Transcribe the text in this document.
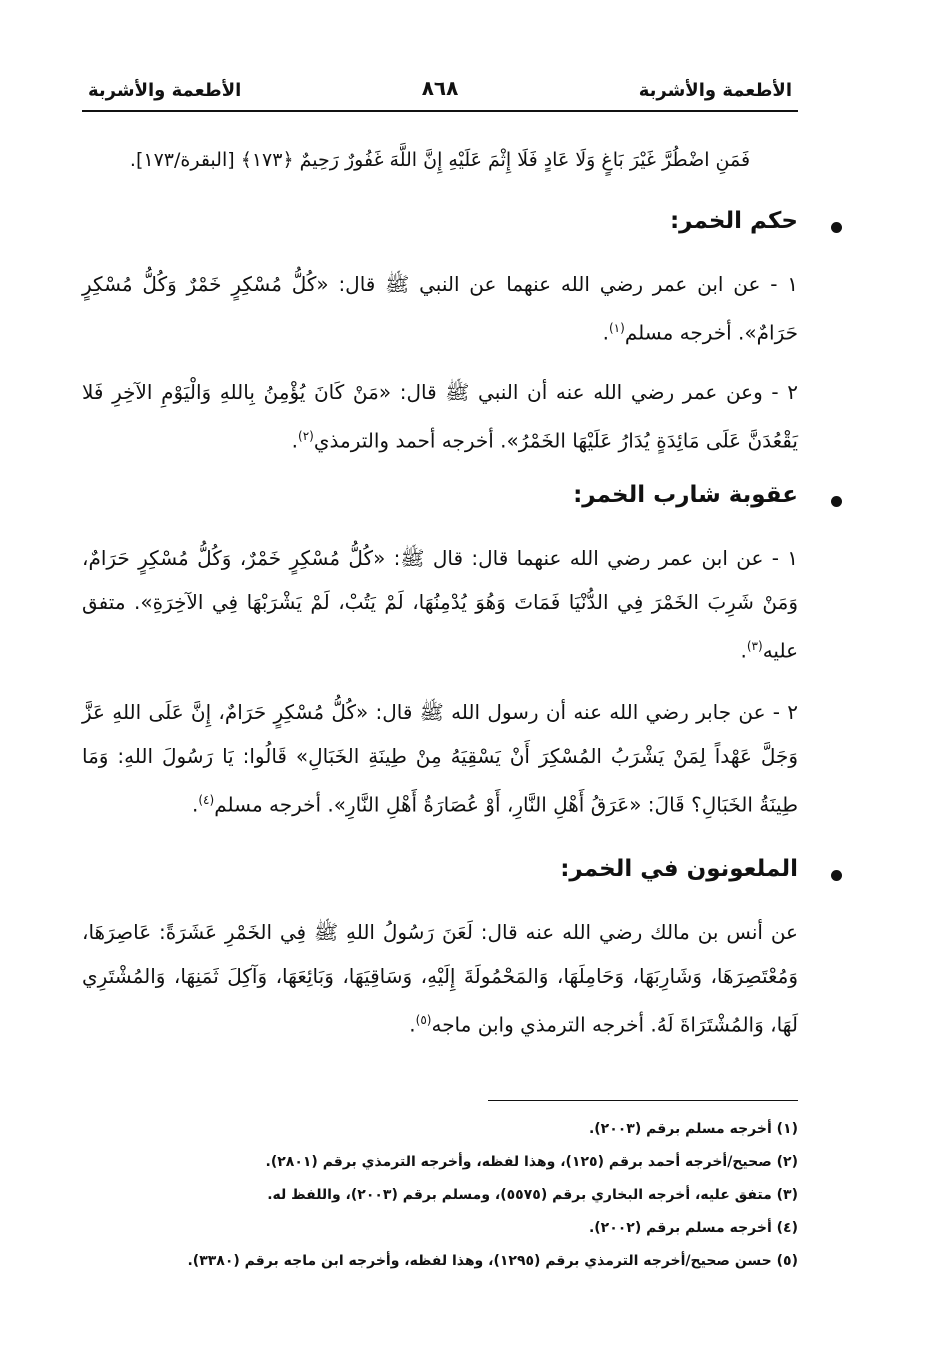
الأطعمة والأشربة
٨٦٨
الأطعمة والأشربة
فَمَنِ اضْطُرَّ غَيْرَ بَاغٍ وَلَا عَادٍ فَلَا إِثْمَ عَلَيْهِ إِنَّ اللَّهَ غَفُورٌ رَحِيمٌ ﴿١٧٣﴾ [البقرة/١٧٣].
حكم الخمر:
١ - عن ابن عمر رضي الله عنهما عن النبي ﷺ قال: «كُلُّ مُسْكِرٍ خَمْرٌ وَكُلُّ مُسْكِرٍ حَرَامٌ». أخرجه مسلم$^{(١)}$.
٢ - وعن عمر رضي الله عنه أن النبي ﷺ قال: «مَنْ كَانَ يُؤْمِنُ بِاللهِ وَالْيَوْمِ الآخِرِ فَلا يَقْعُدَنَّ عَلَى مَائِدَةٍ يُدَارُ عَلَيْهَا الخَمْرُ». أخرجه أحمد والترمذي$^{(٢)}$.
عقوبة شارب الخمر:
١ - عن ابن عمر رضي الله عنهما قال: قال ﷺ: «كُلُّ مُسْكِرٍ خَمْرٌ، وَكُلُّ مُسْكِرٍ حَرَامٌ، وَمَنْ شَرِبَ الخَمْرَ فِي الدُّنْيَا فَمَاتَ وَهُوَ يُدْمِنُهَا، لَمْ يَتُبْ، لَمْ يَشْرَبْهَا فِي الآخِرَةِ». متفق عليه$^{(٣)}$.
٢ - عن جابر رضي الله عنه أن رسول الله ﷺ قال: «كُلُّ مُسْكِرٍ حَرَامٌ، إِنَّ عَلَى اللهِ عَزَّ وَجَلَّ عَهْداً لِمَنْ يَشْرَبُ المُسْكِرَ أَنْ يَسْقِيَهُ مِنْ طِينَةِ الخَبَالِ» قَالُوا: يَا رَسُولَ اللهِ: وَمَا طِينَةُ الخَبَالِ؟ قَالَ: «عَرَقُ أَهْلِ النَّارِ، أَوْ عُصَارَةُ أَهْلِ النَّارِ». أخرجه مسلم$^{(٤)}$.
الملعونون في الخمر:
عن أنس بن مالك رضي الله عنه قال: لَعَنَ رَسُولُ اللهِ ﷺ فِي الخَمْرِ عَشَرَةً: عَاصِرَهَا، وَمُعْتَصِرَهَا، وَشَارِبَهَا، وَحَامِلَهَا، وَالمَحْمُولَةَ إِلَيْهِ، وَسَاقِيَهَا، وَبَائِعَهَا، وَآكِلَ ثَمَنِهَا، وَالمُشْتَرِي لَهَا، وَالمُشْتَرَاةَ لَهُ. أخرجه الترمذي وابن ماجه$^{(٥)}$.
(١) أخرجه مسلم برقم (٢٠٠٣).
(٢) صحيح/أخرجه أحمد برقم (١٢٥)، وهذا لفظه، وأخرجه الترمذي برقم (٢٨٠١).
(٣) متفق عليه، أخرجه البخاري برقم (٥٥٧٥)، ومسلم برقم (٢٠٠٣)، واللفظ له.
(٤) أخرجه مسلم برقم (٢٠٠٢).
(٥) حسن صحيح/أخرجه الترمذي برقم (١٢٩٥)، وهذا لفظه، وأخرجه ابن ماجه برقم (٣٣٨٠).
